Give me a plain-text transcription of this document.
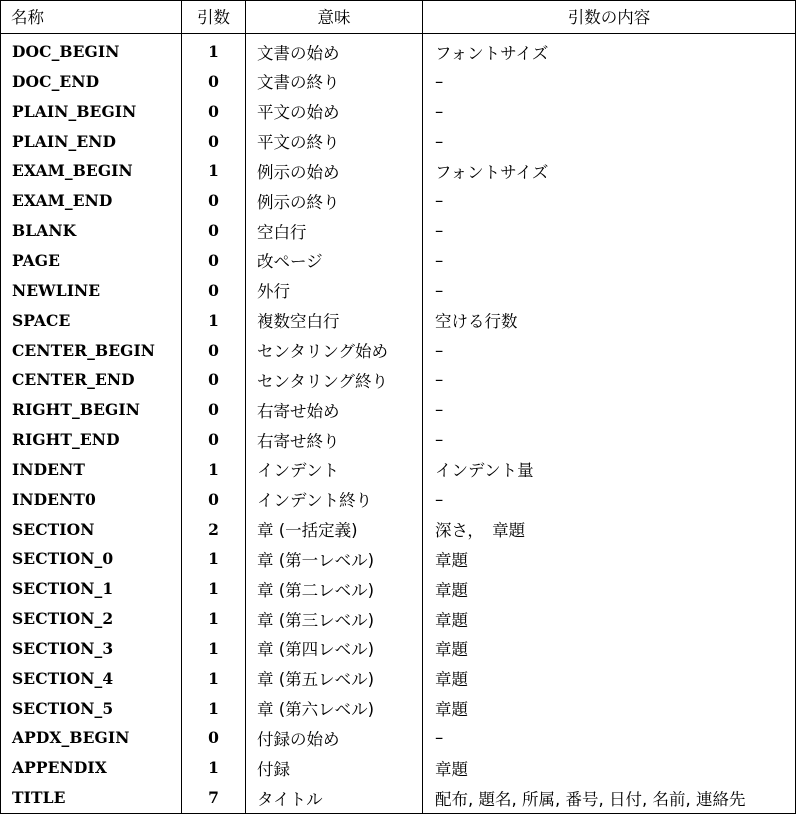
名称	引数	意味	引数の内容

DOC_BEGIN	1	文書の始め	フォントサイズ
DOC_END	0	文書の終り	–
PLAIN_BEGIN	0	平文の始め	–
PLAIN_END	0	平文の終り	–
EXAM_BEGIN	1	例示の始め	フォントサイズ
EXAM_END	0	例示の終り	–
BLANK	0	空白行	–
PAGE	0	改ページ	–
NEWLINE	0	外行	–
SPACE	1	複数空白行	空ける行数
CENTER_BEGIN	0	センタリング始め	–
CENTER_END	0	センタリング終り	–
RIGHT_BEGIN	0	右寄せ始め	–
RIGHT_END	0	右寄せ終り	–
INDENT	1	インデント	インデント量
INDENT0	0	インデント終り	–
SECTION	2	章 (一括定義)	深さ，　章題
SECTION_0	1	章 (第一レベル)	章題
SECTION_1	1	章 (第二レベル)	章題
SECTION_2	1	章 (第三レベル)	章題
SECTION_3	1	章 (第四レベル)	章題
SECTION_4	1	章 (第五レベル)	章題
SECTION_5	1	章 (第六レベル)	章題
APDX_BEGIN	0	付録の始め	–
APPENDIX	1	付録	章題
TITLE	7	タイトル	配布, 題名, 所属, 番号, 日付, 名前, 連絡先
